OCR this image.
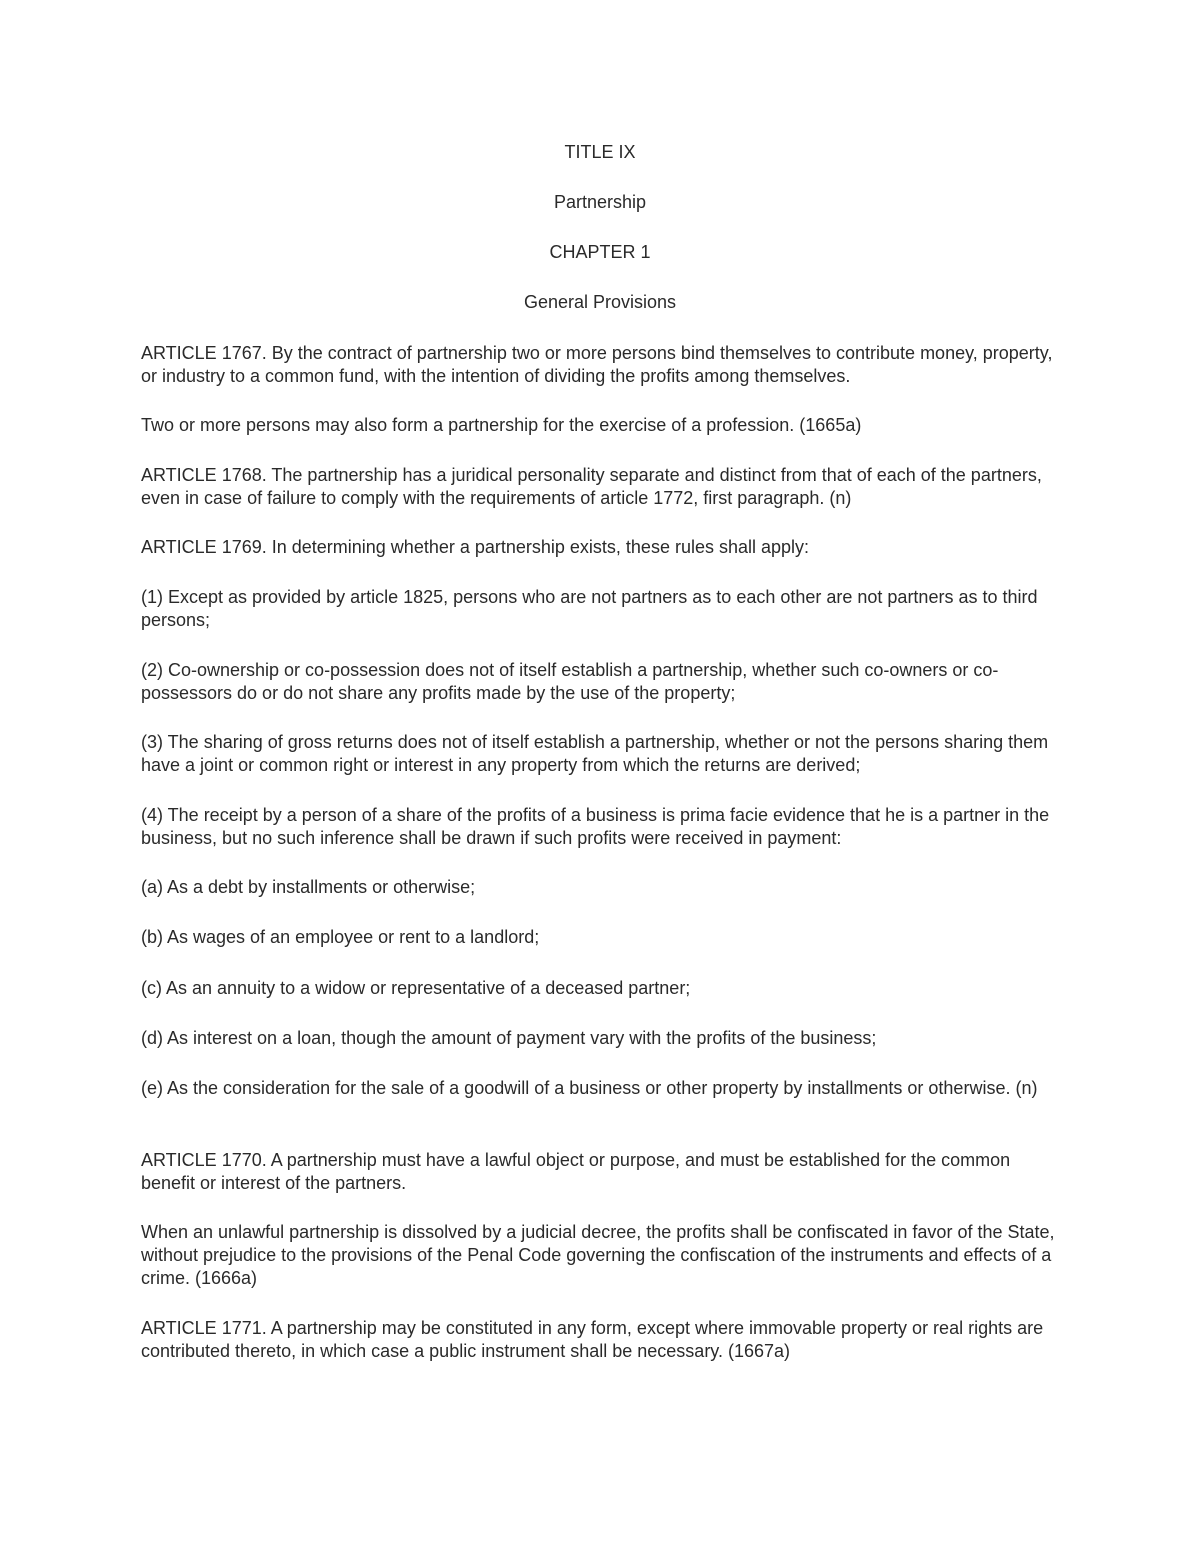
TITLE IX
Partnership
CHAPTER 1
General Provisions

ARTICLE 1767. By the contract of partnership two or more persons bind themselves to contribute money, property, or industry to a common fund, with the intention of dividing the profits among themselves.

Two or more persons may also form a partnership for the exercise of a profession. (1665a)

ARTICLE 1768. The partnership has a juridical personality separate and distinct from that of each of the partners, even in case of failure to comply with the requirements of article 1772, first paragraph. (n)

ARTICLE 1769. In determining whether a partnership exists, these rules shall apply:

(1) Except as provided by article 1825, persons who are not partners as to each other are not partners as to third persons;

(2) Co-ownership or co-possession does not of itself establish a partnership, whether such co-owners or co-possessors do or do not share any profits made by the use of the property;

(3) The sharing of gross returns does not of itself establish a partnership, whether or not the persons sharing them have a joint or common right or interest in any property from which the returns are derived;

(4) The receipt by a person of a share of the profits of a business is prima facie evidence that he is a partner in the business, but no such inference shall be drawn if such profits were received in payment:

(a) As a debt by installments or otherwise;

(b) As wages of an employee or rent to a landlord;

(c) As an annuity to a widow or representative of a deceased partner;

(d) As interest on a loan, though the amount of payment vary with the profits of the business;

(e) As the consideration for the sale of a goodwill of a business or other property by installments or otherwise. (n)

ARTICLE 1770. A partnership must have a lawful object or purpose, and must be established for the common benefit or interest of the partners.

When an unlawful partnership is dissolved by a judicial decree, the profits shall be confiscated in favor of the State, without prejudice to the provisions of the Penal Code governing the confiscation of the instruments and effects of a crime. (1666a)

ARTICLE 1771. A partnership may be constituted in any form, except where immovable property or real rights are contributed thereto, in which case a public instrument shall be necessary. (1667a)
